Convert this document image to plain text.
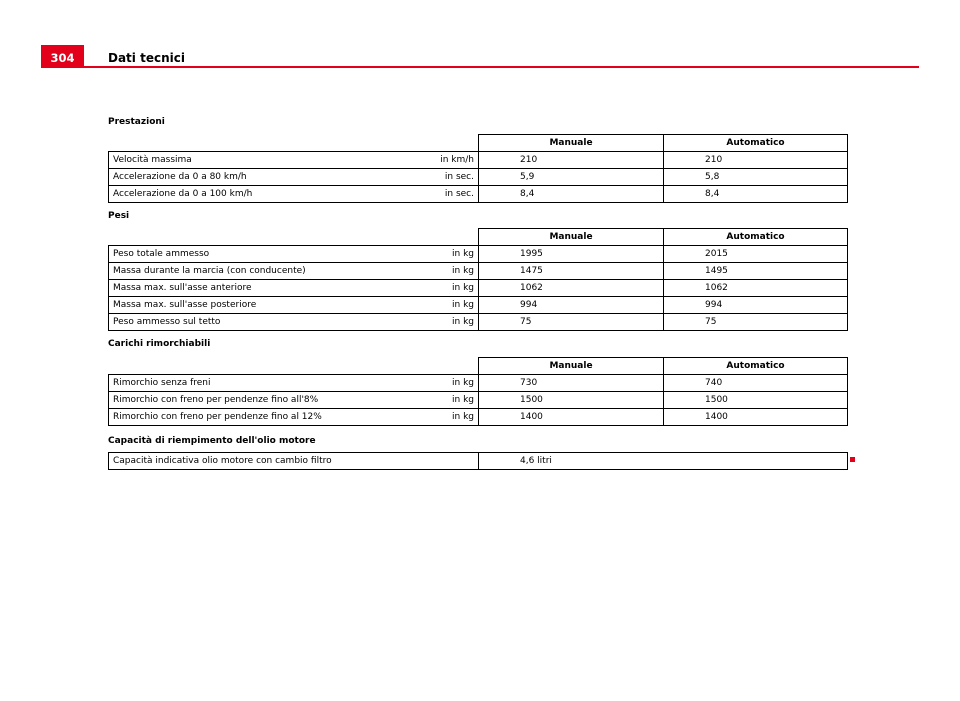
304	Dati tecnici
Prestazioni
		Manuale	Automatico
Velocità massima	in km/h	210	210
Accelerazione da 0 a 80 km/h	in sec.	5,9	5,8
Accelerazione da 0 a 100 km/h	in sec.	8,4	8,4
Pesi
		Manuale	Automatico
Peso totale ammesso	in kg	1995	2015
Massa durante la marcia (con conducente)	in kg	1475	1495
Massa max. sull'asse anteriore	in kg	1062	1062
Massa max. sull'asse posteriore	in kg	994	994
Peso ammesso sul tetto	in kg	75	75
Carichi rimorchiabili
		Manuale	Automatico
Rimorchio senza freni	in kg	730	740
Rimorchio con freno per pendenze fino all'8%	in kg	1500	1500
Rimorchio con freno per pendenze fino al 12%	in kg	1400	1400
Capacità di riempimento dell'olio motore
Capacità indicativa olio motore con cambio filtro	4,6 litri
